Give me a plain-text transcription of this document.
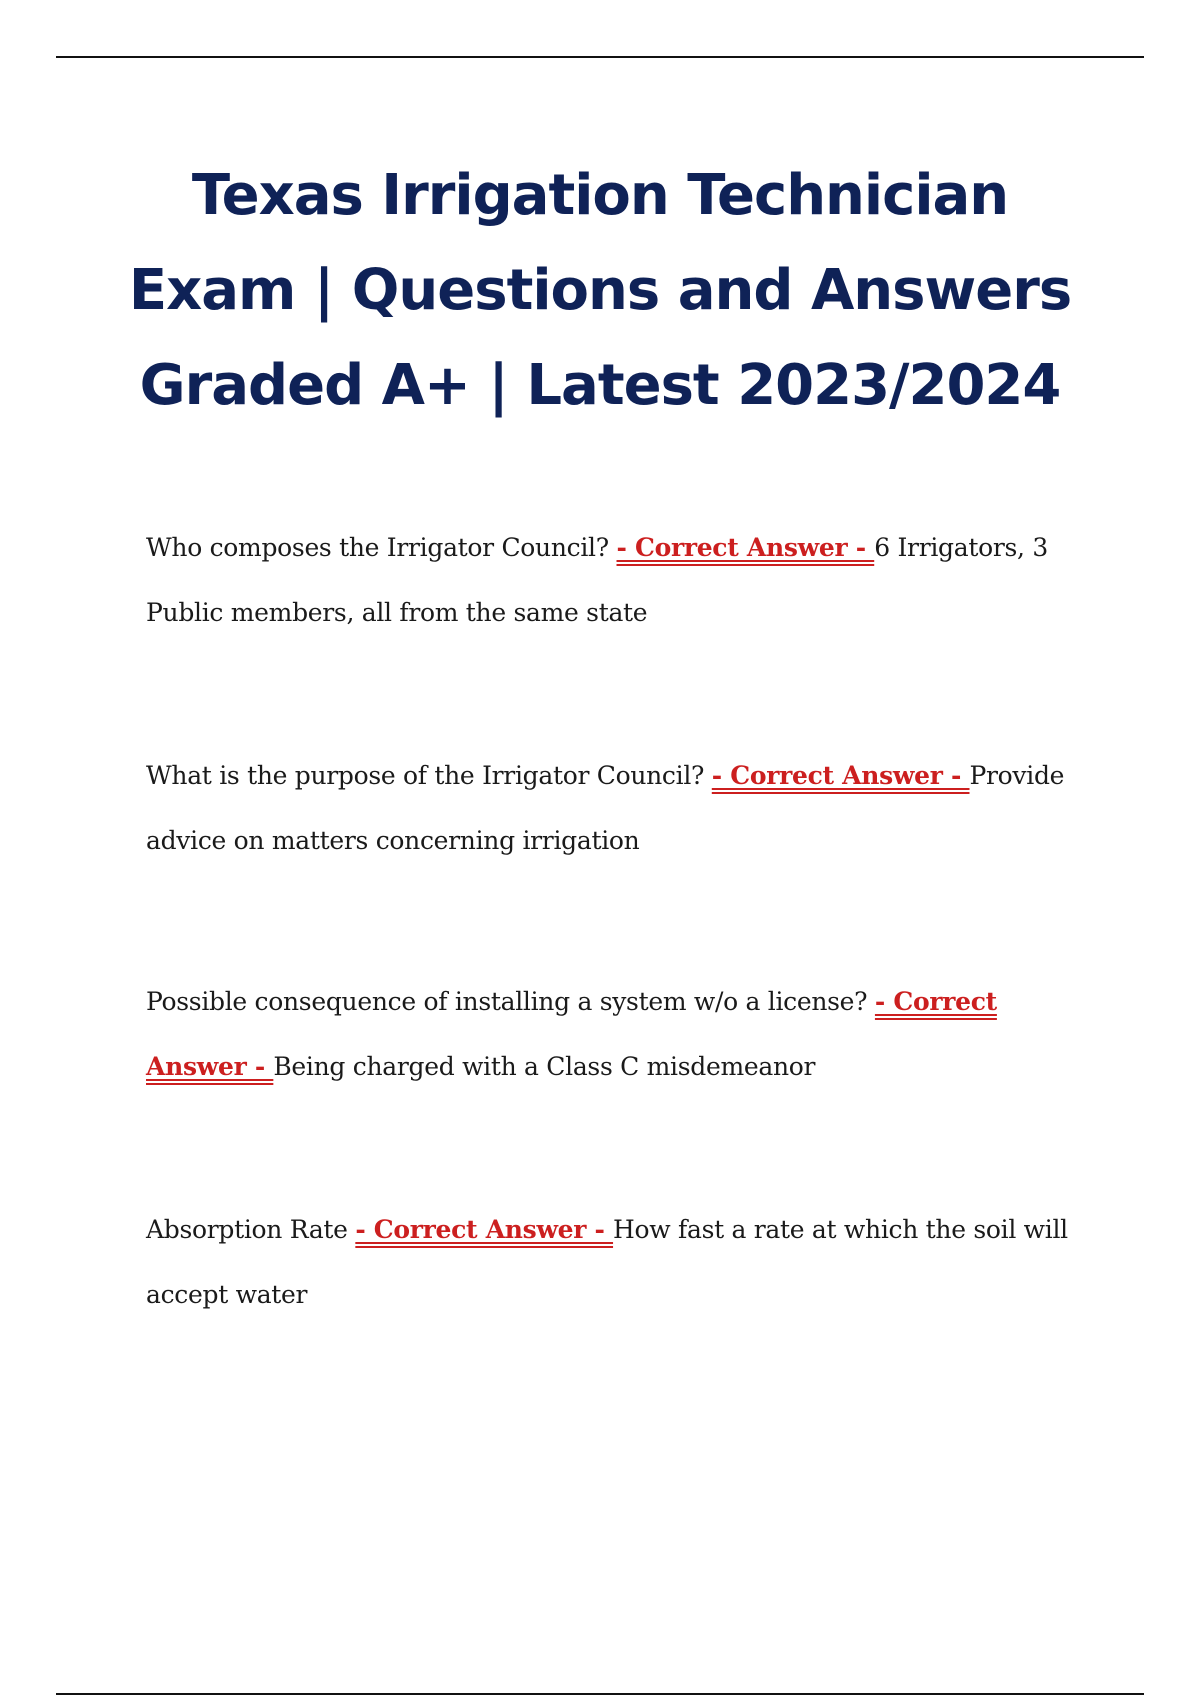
Texas Irrigation Technician
Exam | Questions and Answers
Graded A+ | Latest 2023/2024

Who composes the Irrigator Council? - Correct Answer - 6 Irrigators, 3 Public members, all from the same state

What is the purpose of the Irrigator Council? - Correct Answer - Provide advice on matters concerning irrigation

Possible consequence of installing a system w/o a license? - Correct Answer - Being charged with a Class C misdemeanor

Absorption Rate - Correct Answer - How fast a rate at which the soil will accept water
